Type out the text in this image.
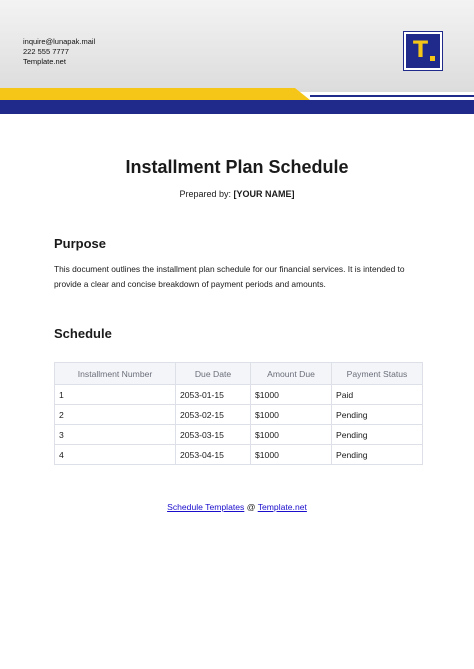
inquire@lunapak.mail
222 555 7777
Template.net	T
Installment Plan Schedule
Prepared by: [YOUR NAME]
Purpose

This document outlines the installment plan schedule for our financial services. It is intended to provide a clear and concise breakdown of payment periods and amounts.

Schedule
Installment Number	Due Date	Amount Due	Payment Status
1	2053-01-15	$1000	Paid
2	2053-02-15	$1000	Pending
3	2053-03-15	$1000	Pending
4	2053-04-15	$1000	Pending
Schedule Templates @ Template.net
